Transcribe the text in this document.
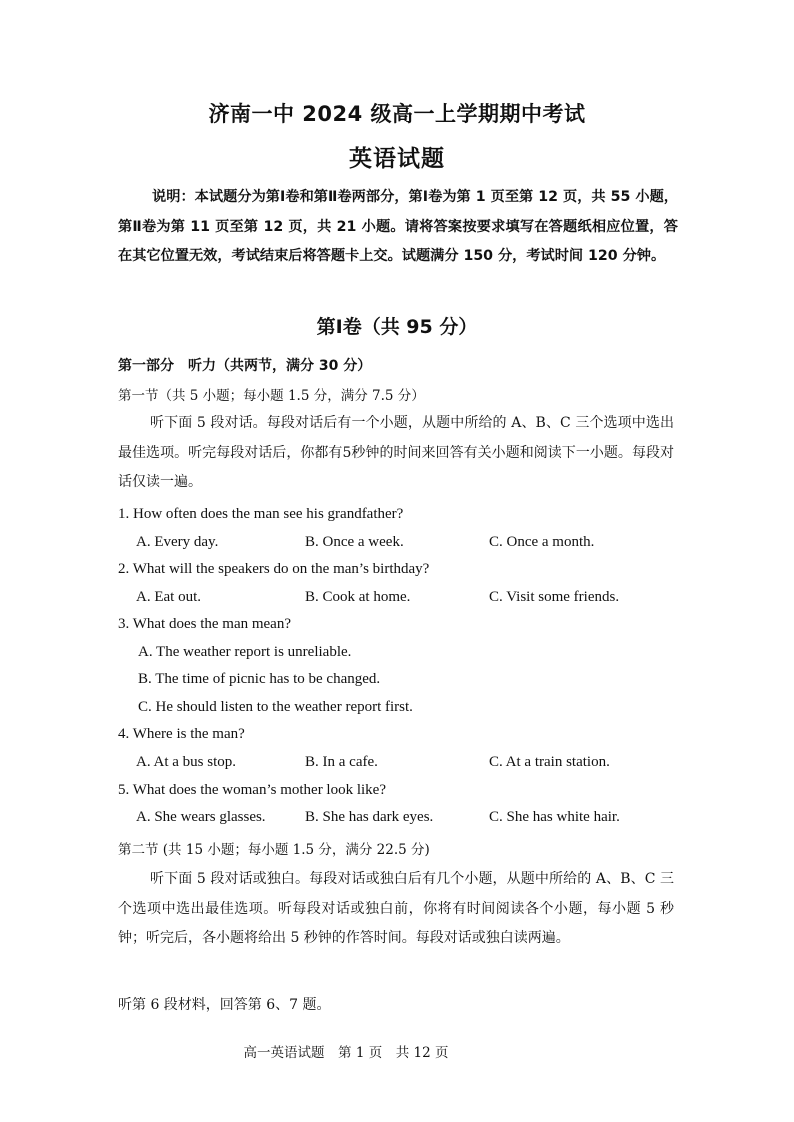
济南一中 2024 级高一上学期期中考试
英语试题
说明：本试题分为第Ⅰ卷和第Ⅱ卷两部分，第Ⅰ卷为第 1 页至第 12 页，共 55 小题，第Ⅱ卷为第 11 页至第 12 页，共 21 小题。请将答案按要求填写在答题纸相应位置，答在其它位置无效，考试结束后将答题卡上交。试题满分 150 分，考试时间 120 分钟。
第Ⅰ卷（共 95 分）
第一部分　听力（共两节，满分 30 分）
第一节（共 5 小题；每小题 1.5 分，满分 7.5 分）
听下面 5 段对话。每段对话后有一个小题，从题中所给的 A、B、C 三个选项中选出最佳选项。听完每段对话后，你都有5秒钟的时间来回答有关小题和阅读下一小题。每段对话仅读一遍。
1. How often does the man see his grandfather?
A. Every day.	B. Once a week.	C. Once a month.
2. What will the speakers do on the man’s birthday?
A. Eat out.	B. Cook at home.	C. Visit some friends.
3. What does the man mean?
A. The weather report is unreliable.
B. The time of picnic has to be changed.
C. He should listen to the weather report first.
4. Where is the man?
A. At a bus stop.	B. In a cafe.	C. At a train station.
5. What does the woman’s mother look like?
A. She wears glasses.	B. She has dark eyes.	C. She has white hair.
第二节 (共 15 小题；每小题 1.5 分，满分 22.5 分)
听下面 5 段对话或独白。每段对话或独白后有几个小题，从题中所给的 A、B、C 三个选项中选出最佳选项。听每段对话或独白前，你将有时间阅读各个小题，每小题 5 秒钟；听完后，各小题将给出 5 秒钟的作答时间。每段对话或独白读两遍。
听第 6 段材料，回答第 6、7 题。
高一英语试题　第 1 页　共 12 页
